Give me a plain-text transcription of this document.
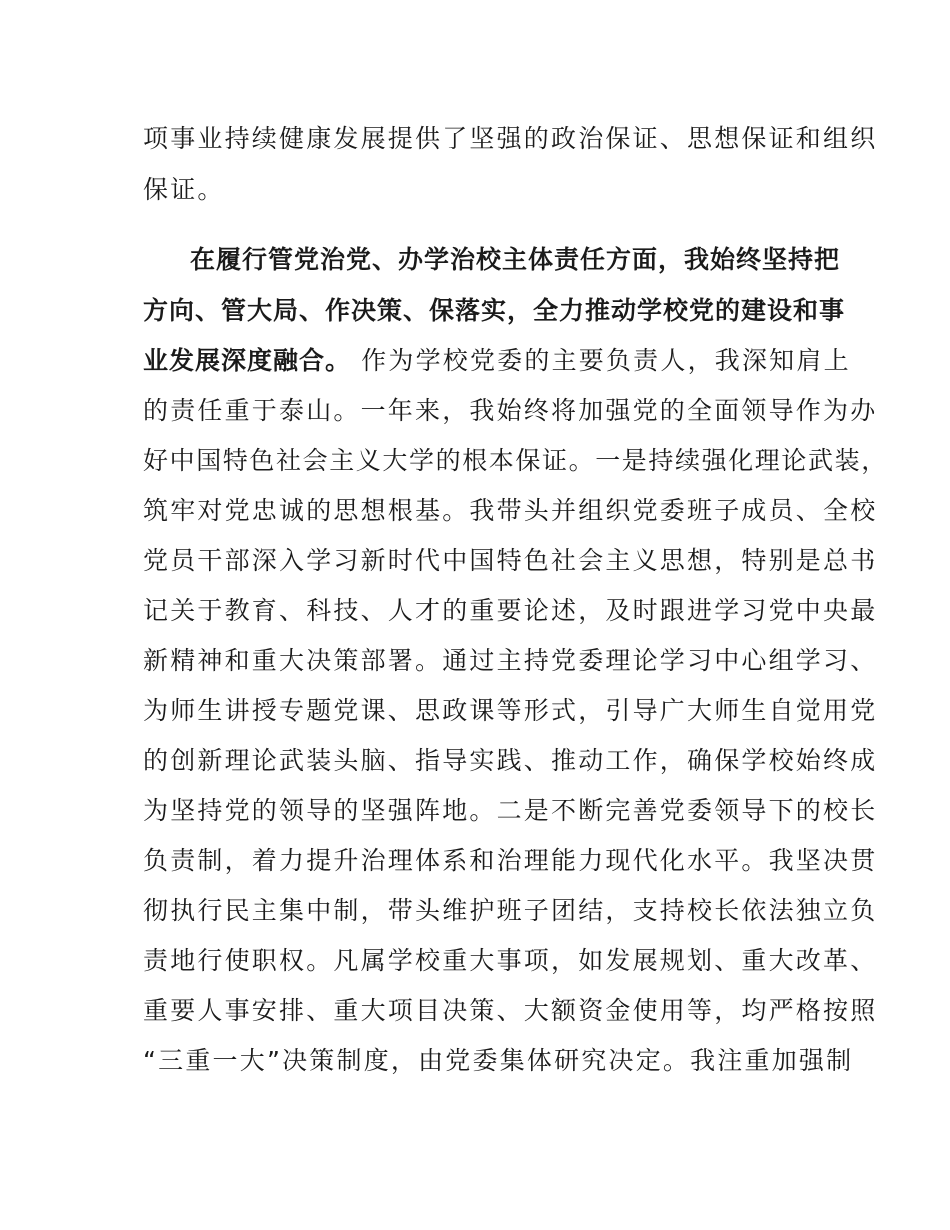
项事业持续健康发展提供了坚强的政治保证、思想保证和组织
保证。
在履行管党治党、办学治校主体责任方面，我始终坚持把
方向、管大局、作决策、保落实，全力推动学校党的建设和事
业发展深度融合。 作为学校党委的主要负责人，我深知肩上
的责任重于泰山。一年来，我始终将加强党的全面领导作为办
好中国特色社会主义大学的根本保证。一是持续强化理论武装，
筑牢对党忠诚的思想根基。我带头并组织党委班子成员、全校
党员干部深入学习新时代中国特色社会主义思想，特别是总书
记关于教育、科技、人才的重要论述，及时跟进学习党中央最
新精神和重大决策部署。通过主持党委理论学习中心组学习、
为师生讲授专题党课、思政课等形式，引导广大师生自觉用党
的创新理论武装头脑、指导实践、推动工作，确保学校始终成
为坚持党的领导的坚强阵地。二是不断完善党委领导下的校长
负责制，着力提升治理体系和治理能力现代化水平。我坚决贯
彻执行民主集中制，带头维护班子团结，支持校长依法独立负
责地行使职权。凡属学校重大事项，如发展规划、重大改革、
重要人事安排、重大项目决策、大额资金使用等，均严格按照
“三重一大”决策制度，由党委集体研究决定。我注重加强制
